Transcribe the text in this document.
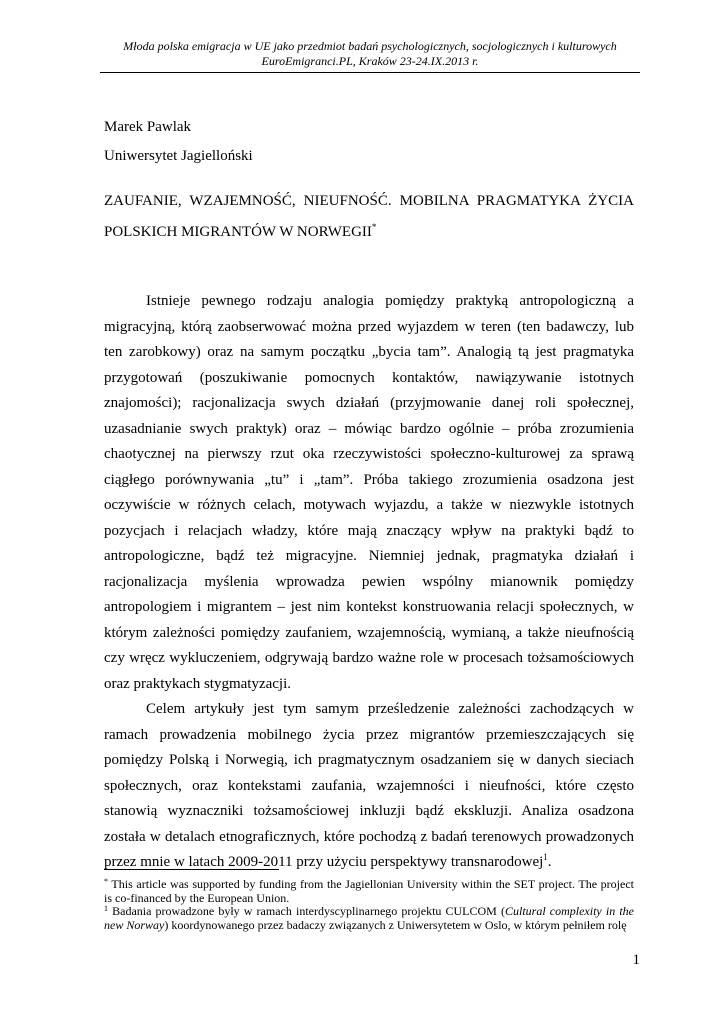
Młoda polska emigracja w UE jako przedmiot badań psychologicznych, socjologicznych i kulturowych
EuroEmigranci.PL, Kraków 23-24.IX.2013 r.
Marek Pawlak
Uniwersytet Jagielloński
ZAUFANIE, WZAJEMNOŚĆ, NIEUFNOŚĆ. MOBILNA PRAGMATYKA ŻYCIA
POLSKICH MIGRANTÓW W NORWEGII*

Istnieje pewnego rodzaju analogia pomiędzy praktyką antropologiczną a migracyjną, którą zaobserwować można przed wyjazdem w teren (ten badawczy, lub ten zarobkowy) oraz na samym początku „bycia tam”. Analogią tą jest pragmatyka przygotowań (poszukiwanie pomocnych kontaktów, nawiązywanie istotnych znajomości); racjonalizacja swych działań (przyjmowanie danej roli społecznej, uzasadnianie swych praktyk) oraz – mówiąc bardzo ogólnie – próba zrozumienia chaotycznej na pierwszy rzut oka rzeczywistości społeczno-kulturowej za sprawą ciągłego porównywania „tu” i „tam”. Próba takiego zrozumienia osadzona jest oczywiście w różnych celach, motywach wyjazdu, a także w niezwykle istotnych pozycjach i relacjach władzy, które mają znaczący wpływ na praktyki bądź to antropologiczne, bądź też migracyjne. Niemniej jednak, pragmatyka działań i racjonalizacja myślenia wprowadza pewien wspólny mianownik pomiędzy antropologiem i migrantem – jest nim kontekst konstruowania relacji społecznych, w którym zależności pomiędzy zaufaniem, wzajemnością, wymianą, a także nieufnością czy wręcz wykluczeniem, odgrywają bardzo ważne role w procesach tożsamościowych oraz praktykach stygmatyzacji.

Celem artykuły jest tym samym prześledzenie zależności zachodzących w ramach prowadzenia mobilnego życia przez migrantów przemieszczających się pomiędzy Polską i Norwegią, ich pragmatycznym osadzaniem się w danych sieciach społecznych, oraz kontekstami zaufania, wzajemności i nieufności, które często stanowią wyznaczniki tożsamościowej inkluzji bądź ekskluzji. Analiza osadzona została w detalach etnograficznych, które pochodzą z badań terenowych prowadzonych przez mnie w latach 2009-2011 przy użyciu perspektywy transnarodowej$^1$.

* This article was supported by funding from the Jagiellonian University within the SET project. The project is co-financed by the European Union.

$^1$ Badania prowadzone były w ramach interdyscyplinarnego projektu CULCOM (Cultural complexity in the new Norway) koordynowanego przez badaczy związanych z Uniwersytetem w Oslo, w którym pełniłem rolę

1
